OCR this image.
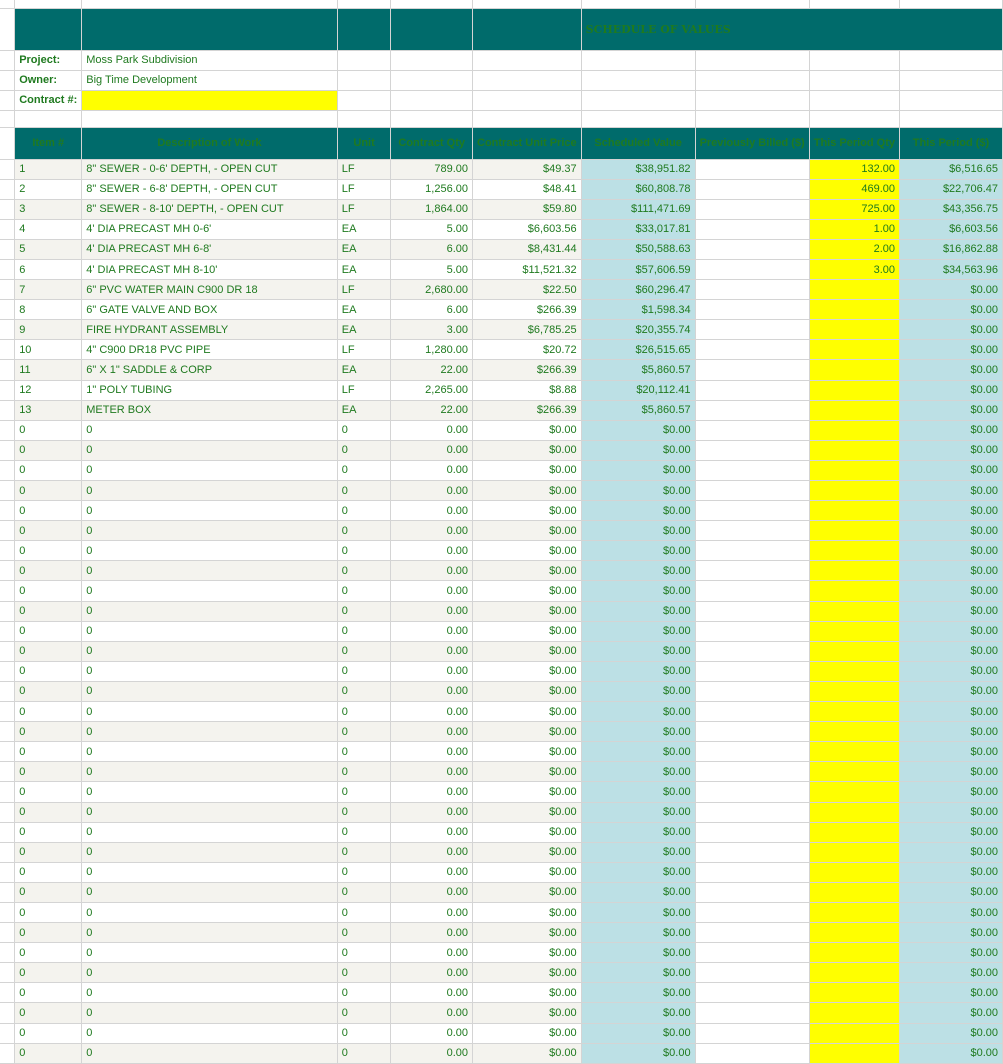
						SCHEDULE OF VALUES			
	Project:	Moss Park Subdivision							
	Owner:	Big Time Development							
	Contract #:								

	Item #	Description of Work	Unit	Contract Qty	Contract Unit Price	Scheduled Value	Previously Billed ($)	This Period Qty	This Period ($)
	1	8" SEWER - 0-6' DEPTH, - OPEN CUT	LF	789.00	$49.37	$38,951.82		132.00	$6,516.65
	2	8" SEWER - 6-8' DEPTH, - OPEN CUT	LF	1,256.00	$48.41	$60,808.78		469.00	$22,706.47
	3	8" SEWER - 8-10' DEPTH, - OPEN CUT	LF	1,864.00	$59.80	$111,471.69		725.00	$43,356.75
	4	4' DIA PRECAST MH 0-6'	EA	5.00	$6,603.56	$33,017.81		1.00	$6,603.56
	5	4' DIA PRECAST MH 6-8'	EA	6.00	$8,431.44	$50,588.63		2.00	$16,862.88
	6	4' DIA PRECAST MH 8-10'	EA	5.00	$11,521.32	$57,606.59		3.00	$34,563.96
	7	6" PVC WATER MAIN C900 DR 18	LF	2,680.00	$22.50	$60,296.47			$0.00
	8	6" GATE VALVE AND BOX	EA	6.00	$266.39	$1,598.34			$0.00
	9	FIRE HYDRANT ASSEMBLY	EA	3.00	$6,785.25	$20,355.74			$0.00
	10	4" C900 DR18 PVC PIPE	LF	1,280.00	$20.72	$26,515.65			$0.00
	11	6" X 1" SADDLE & CORP	EA	22.00	$266.39	$5,860.57			$0.00
	12	1" POLY TUBING	LF	2,265.00	$8.88	$20,112.41			$0.00
	13	METER BOX	EA	22.00	$266.39	$5,860.57			$0.00
	0	0	0	0.00	$0.00	$0.00			$0.00
	0	0	0	0.00	$0.00	$0.00			$0.00
	0	0	0	0.00	$0.00	$0.00			$0.00
	0	0	0	0.00	$0.00	$0.00			$0.00
	0	0	0	0.00	$0.00	$0.00			$0.00
	0	0	0	0.00	$0.00	$0.00			$0.00
	0	0	0	0.00	$0.00	$0.00			$0.00
	0	0	0	0.00	$0.00	$0.00			$0.00
	0	0	0	0.00	$0.00	$0.00			$0.00
	0	0	0	0.00	$0.00	$0.00			$0.00
	0	0	0	0.00	$0.00	$0.00			$0.00
	0	0	0	0.00	$0.00	$0.00			$0.00
	0	0	0	0.00	$0.00	$0.00			$0.00
	0	0	0	0.00	$0.00	$0.00			$0.00
	0	0	0	0.00	$0.00	$0.00			$0.00
	0	0	0	0.00	$0.00	$0.00			$0.00
	0	0	0	0.00	$0.00	$0.00			$0.00
	0	0	0	0.00	$0.00	$0.00			$0.00
	0	0	0	0.00	$0.00	$0.00			$0.00
	0	0	0	0.00	$0.00	$0.00			$0.00
	0	0	0	0.00	$0.00	$0.00			$0.00
	0	0	0	0.00	$0.00	$0.00			$0.00
	0	0	0	0.00	$0.00	$0.00			$0.00
	0	0	0	0.00	$0.00	$0.00			$0.00
	0	0	0	0.00	$0.00	$0.00			$0.00
	0	0	0	0.00	$0.00	$0.00			$0.00
	0	0	0	0.00	$0.00	$0.00			$0.00
	0	0	0	0.00	$0.00	$0.00			$0.00
	0	0	0	0.00	$0.00	$0.00			$0.00
	0	0	0	0.00	$0.00	$0.00			$0.00
	0	0	0	0.00	$0.00	$0.00			$0.00
	0	0	0	0.00	$0.00	$0.00			$0.00
